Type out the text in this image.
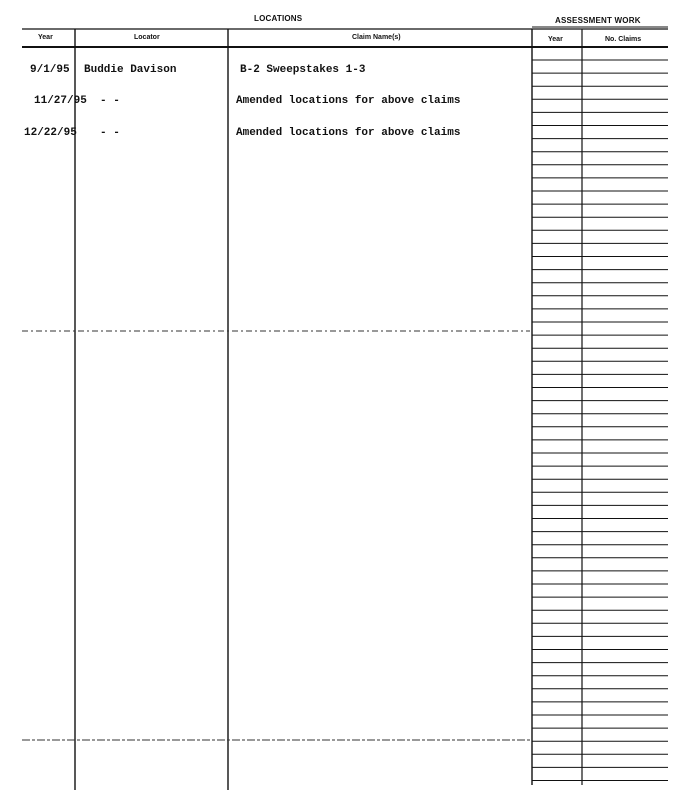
LOCATIONS	ASSESSMENT WORK
Year	Locator	Claim Name(s)	Year	No. Claims
9/1/95 Buddie Davison	B-2 Sweepstakes 1-3
11/27/95 - -	Amended locations for above claims
12/22/95 - -	Amended locations for above claims
